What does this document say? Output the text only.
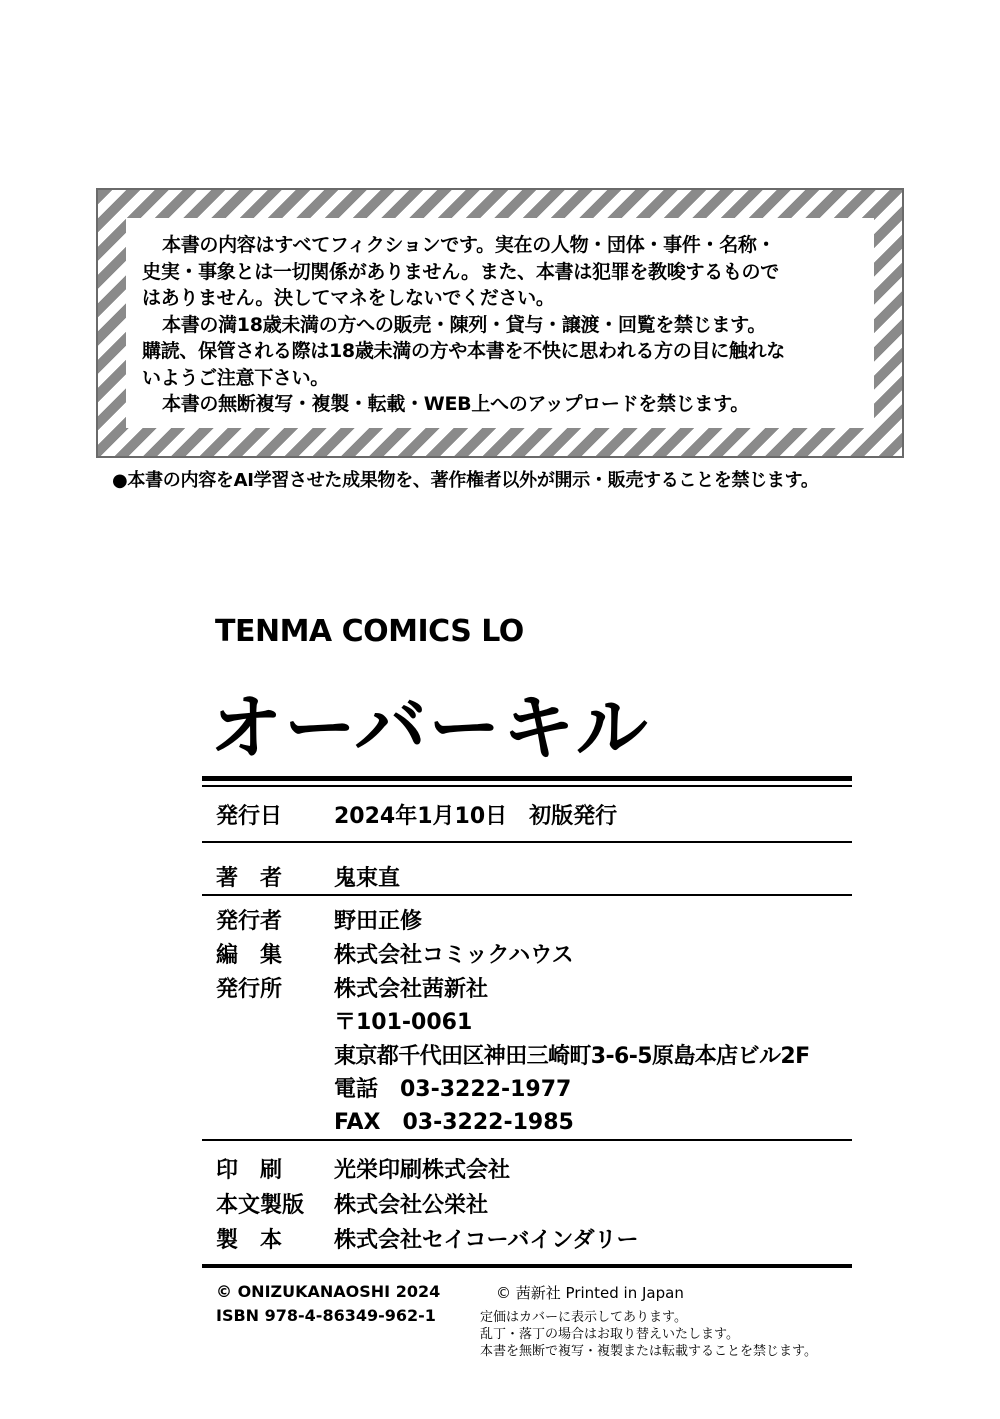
本書の内容はすべてフィクションです。実在の人物・団体・事件・名称・
史実・事象とは一切関係がありません。また、本書は犯罪を教唆するもので
はありません。決してマネをしないでください。
本書の満18歳未満の方への販売・陳列・貸与・譲渡・回覧を禁じます。
購読、保管される際は18歳未満の方や本書を不快に思われる方の目に触れな
いようご注意下さい。
本書の無断複写・複製・転載・WEB上へのアップロードを禁じます。
●本書の内容をAI学習させた成果物を、著作権者以外が開示・販売することを禁じます。
TENMA COMICS LO
オーバーキル
発行日 2024年1月10日　初版発行
著　者 鬼束直
発行者 野田正修
編　集 株式会社コミックハウス
発行所 株式会社茜新社
〒101-0061
東京都千代田区神田三崎町3-6-5原島本店ビル2F
電話　03-3222-1977
FAX　03-3222-1985
印　刷 光栄印刷株式会社
本文製版 株式会社公栄社
製　本 株式会社セイコーバインダリー
© ONIZUKANAOSHI 2024
ISBN 978-4-86349-962-1
© 茜新社 Printed in Japan
定価はカバーに表示してあります。
乱丁・落丁の場合はお取り替えいたします。
本書を無断で複写・複製または転載することを禁じます。
